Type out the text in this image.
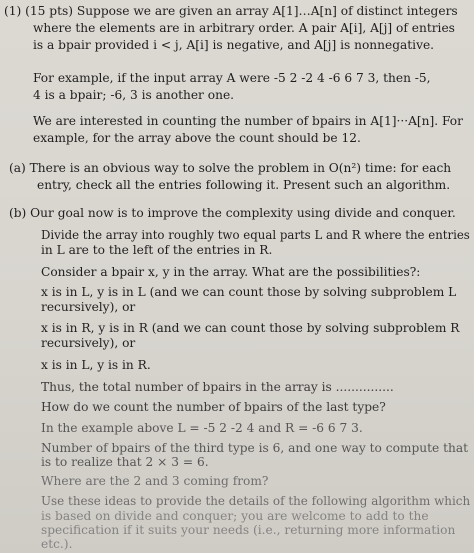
(1) (15 pts) Suppose we are given an array A[1]…A[n] of distinct integers
where the elements are in arbitrary order. A pair A[i], A[j] of entries
is a bpair provided i < j, A[i] is negative, and A[j] is nonnegative.
For example, if the input array A were -5 2 -2 4 -6 6 7 3, then -5,
4 is a bpair; -6, 3 is another one.
We are interested in counting the number of bpairs in A[1]···A[n]. For
example, for the array above the count should be 12.
(a) There is an obvious way to solve the problem in O(n²) time: for each
entry, check all the entries following it. Present such an algorithm.
(b) Our goal now is to improve the complexity using divide and conquer.
Divide the array into roughly two equal parts L and R where the entries
in L are to the left of the entries in R.
Consider a bpair x, y in the array. What are the possibilities?:
x is in L, y is in L (and we can count those by solving subproblem L
recursively), or
x is in R, y is in R (and we can count those by solving subproblem R
recursively), or
x is in L, y is in R.
Thus, the total number of bpairs in the array is ...............
How do we count the number of bpairs of the last type?
In the example above L = -5 2 -2 4 and R = -6 6 7 3.
Number of bpairs of the third type is 6, and one way to compute that
is to realize that 2 × 3 = 6.
Where are the 2 and 3 coming from?
Use these ideas to provide the details of the following algorithm which
is based on divide and conquer; you are welcome to add to the
specification if it suits your needs (i.e., returning more information
etc.).
